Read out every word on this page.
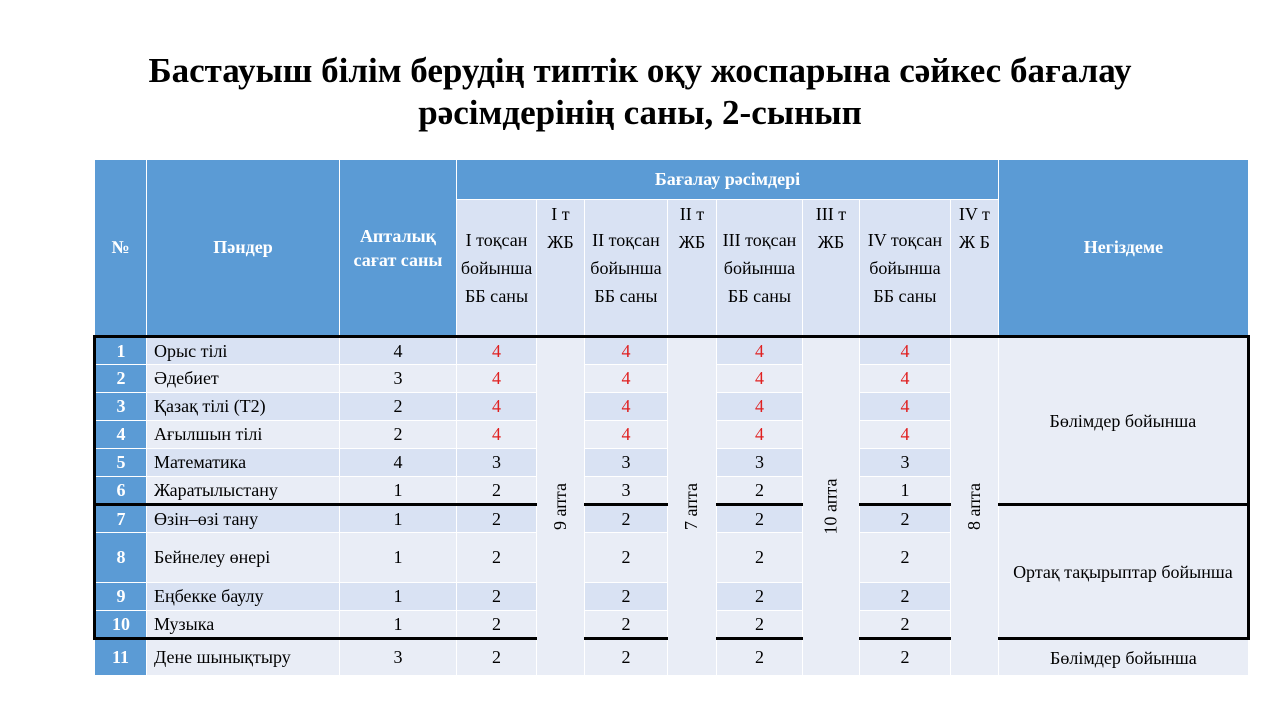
Бастауыш білім берудің типтік оқу жоспарына сәйкес бағалау
рәсімдерінің саны, 2-сынып
№	Пәндер	Апталық сағат саны	Бағалау рәсімдері								Негіздеме
			І тоқсан бойынша ББ саны	І т ЖБ	ІІ тоқсан бойынша ББ саны	ІІ т ЖБ	ІІІ тоқсан бойынша ББ саны	ІІІ т ЖБ	IV тоқсан бойынша ББ саны	IV т Ж Б	
1	Орыс тілі	4	4	9 апта	4	7 апта	4	10 апта	4	8 апта	Бөлімдер бойынша
2	Әдебиет	3	4		4		4		4		
3	Қазақ тілі (Т2)	2	4		4		4		4		
4	Ағылшын тілі	2	4		4		4		4		
5	Математика	4	3		3		3		3		
6	Жаратылыстану	1	2		3		2		1		
7	Өзін–өзі тану	1	2		2		2		2		Ортақ тақырыптар бойынша
8	Бейнелеу өнері	1	2		2		2		2		
9	Еңбекке баулу	1	2		2		2		2		
10	Музыка	1	2		2		2		2		
11	Дене шынықтыру	3	2		2		2		2		Бөлімдер бойынша
